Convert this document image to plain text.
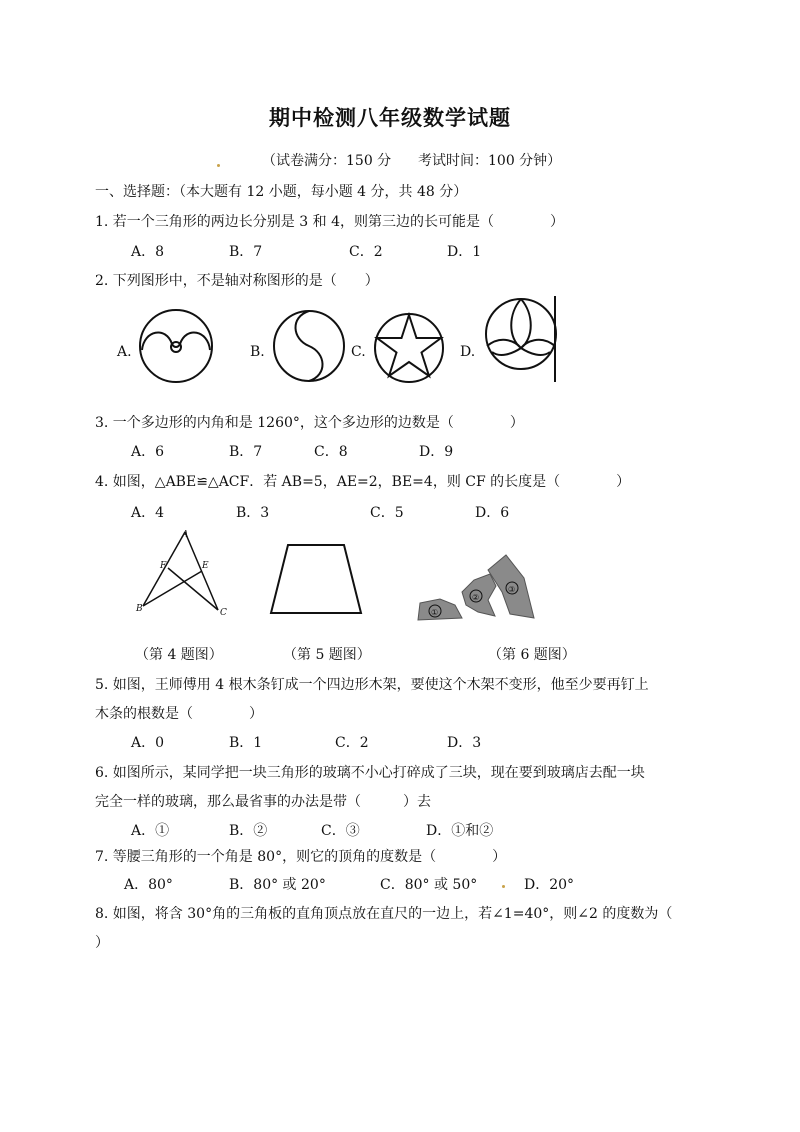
期中检测八年级数学试题
（试卷满分：150 分 考试时间：100 分钟）
一、选择题：（本大题有 12 小题，每小题 4 分，共 48 分）
1. 若一个三角形的两边长分别是 3 和 4，则第三边的长可能是（　　　　）
A．8	B．7	C．2	D．1
2. 下列图形中，不是轴对称图形的是（　　）
A.	B.	C.	D.
3. 一个多边形的内角和是 1260°，这个多边形的边数是（　　　　）
A．6	B．7	C．8	D．9
4. 如图，△ABE≌△ACF．若 AB=5，AE=2，BE=4，则 CF 的长度是（　　　　）
A．4	B．3	C．5	D．6
A
F	E
B	C	①
②
③
（第 4 题图）	（第 5 题图）	（第 6 题图）
5. 如图，王师傅用 4 根木条钉成一个四边形木架，要使这个木架不变形，他至少要再钉上
木条的根数是（　　　　）
A．0	B．1	C．2	D．3
6. 如图所示，某同学把一块三角形的玻璃不小心打碎成了三块，现在要到玻璃店去配一块
完全一样的玻璃，那么最省事的办法是带（　　　）去
A．①	B．②	C．③	D．①和②
7. 等腰三角形的一个角是 80°，则它的顶角的度数是（　　　　）
A．80°	B．80° 或 20°	C．80° 或 50°	D．20°
8. 如图，将含 30°角的三角板的直角顶点放在直尺的一边上，若∠1=40°，则∠2 的度数为（
）
